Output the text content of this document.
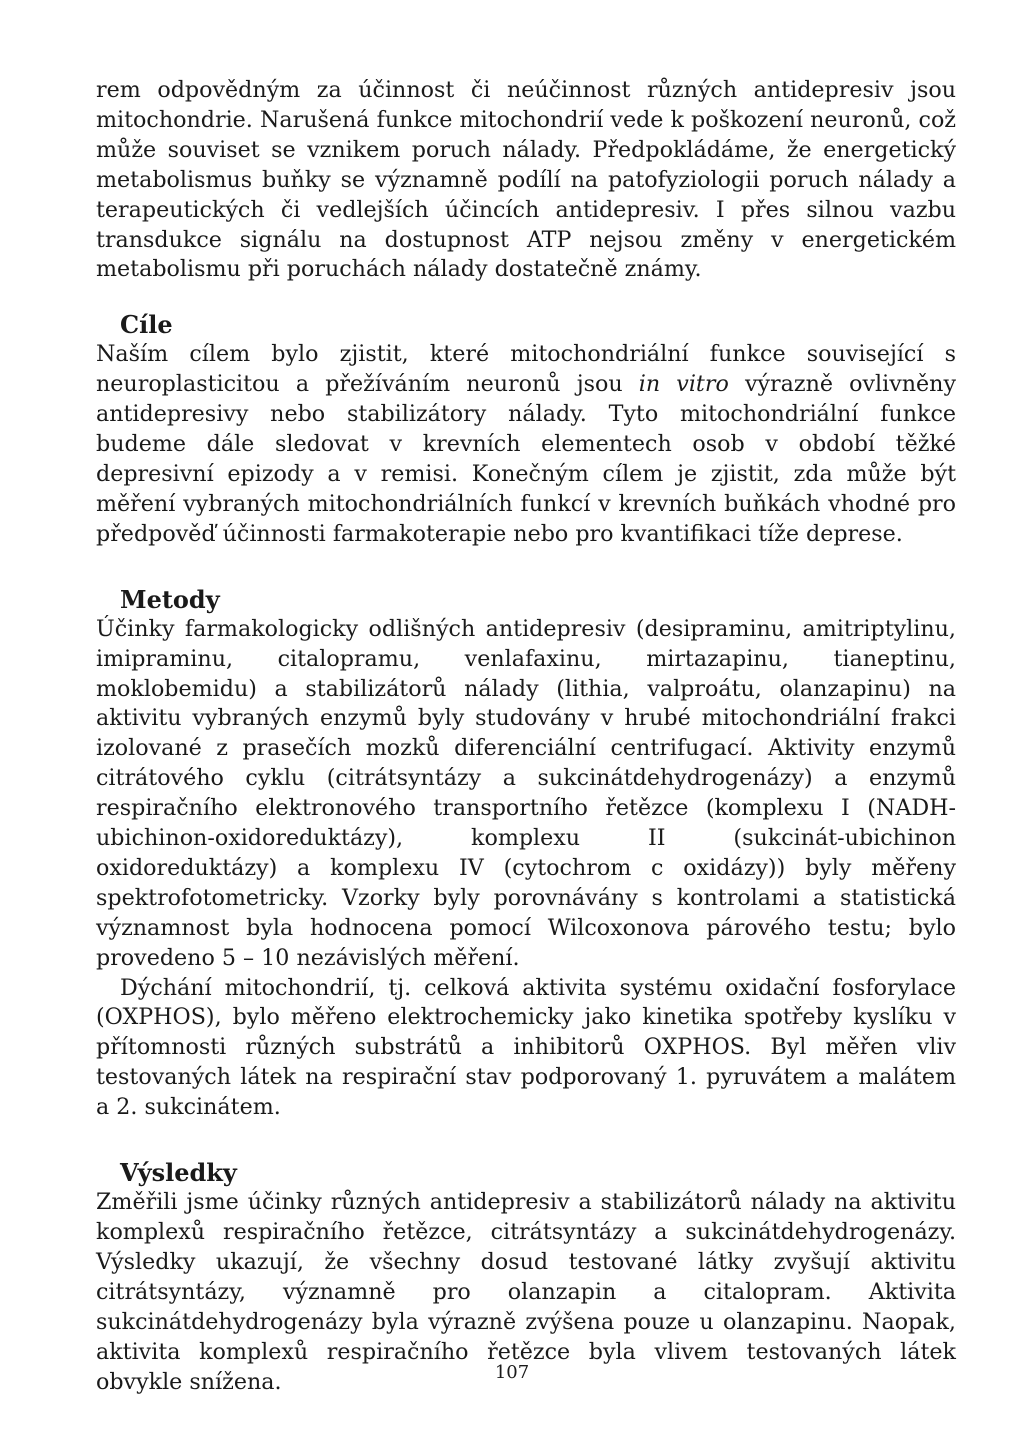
rem odpovědným za účinnost či neúčinnost různých antidepresiv jsou mitochondrie. Narušená funkce mitochondrií vede k poškození neuronů, což může souviset se vznikem poruch nálady. Předpokládáme, že energetický metabolismus buňky se významně podílí na patofyziologii poruch nálady a terapeutických či vedlejších účincích antidepresiv. I přes silnou vazbu transdukce signálu na dostupnost ATP nejsou změny v energetickém metabolismu při poruchách nálady dostatečně známy.

Cíle

Naším cílem bylo zjistit, které mitochondriální funkce související s neuroplasticitou a přežíváním neuronů jsou in vitro výrazně ovlivněny antidepresivy nebo stabilizátory nálady. Tyto mitochondriální funkce budeme dále sledovat v krevních elementech osob v období těžké depresivní epizody a v remisi. Konečným cílem je zjistit, zda může být měření vybraných mitochondriálních funkcí v krevních buňkách vhodné pro předpověď účinnosti farmakoterapie nebo pro kvantifikaci tíže deprese.

Metody

Účinky farmakologicky odlišných antidepresiv (desipraminu, amitriptylinu, imipraminu, citalopramu, venlafaxinu, mirtazapinu, tianeptinu, moklobemidu) a stabilizátorů nálady (lithia, valproátu, olanzapinu) na aktivitu vybraných enzymů byly studovány v hrubé mitochondriální frakci izolované z prasečích mozků diferenciální centrifugací. Aktivity enzymů citrátového cyklu (citrátsyntázy a sukcinátdehydrogenázy) a enzymů respiračního elektronového transportního řetězce (komplexu I (NADH-ubichinon-oxidoreduktázy), komplexu II (sukcinát-ubichinon oxidoreduktázy) a komplexu IV (cytochrom c oxidázy)) byly měřeny spektrofotometricky. Vzorky byly porovnávány s kontrolami a statistická významnost byla hodnocena pomocí Wilcoxonova párového testu; bylo provedeno 5 – 10 nezávislých měření.

Dýchání mitochondrií, tj. celková aktivita systému oxidační fosforylace (OXPHOS), bylo měřeno elektrochemicky jako kinetika spotřeby kyslíku v přítomnosti různých substrátů a inhibitorů OXPHOS. Byl měřen vliv testovaných látek na respirační stav podporovaný 1. pyruvátem a malátem a 2. sukcinátem.

Výsledky

Změřili jsme účinky různých antidepresiv a stabilizátorů nálady na aktivitu komplexů respiračního řetězce, citrátsyntázy a sukcinátdehydrogenázy. Výsledky ukazují, že všechny dosud testované látky zvyšují aktivitu citrátsyntázy, významně pro olanzapin a citalopram. Aktivita sukcinátdehydrogenázy byla výrazně zvýšena pouze u olanzapinu. Naopak, aktivita komplexů respiračního řetězce byla vlivem testovaných látek obvykle snížena.	107
